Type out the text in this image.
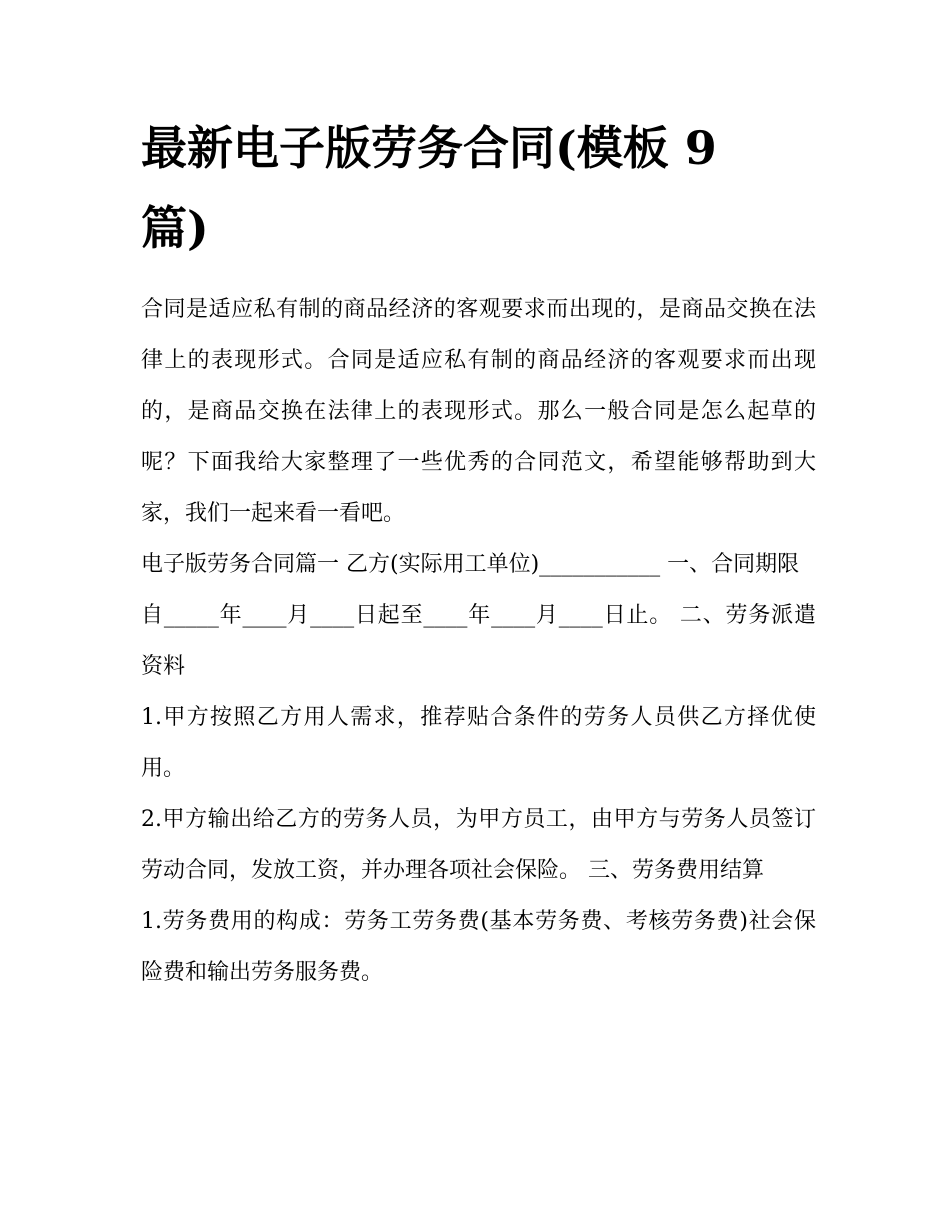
最新电子版劳务合同(模板 9 篇)

合同是适应私有制的商品经济的客观要求而出现的，是商品交换在法律上的表现形式。合同是适应私有制的商品经济的客观要求而出现的，是商品交换在法律上的表现形式。那么一般合同是怎么起草的呢？下面我给大家整理了一些优秀的合同范文，希望能够帮助到大家，我们一起来看一看吧。

电子版劳务合同篇一 乙方(实际用工单位)___________ 一、合同期限

自_____年____月____日起至____年____月____日止。 二、劳务派遣资料

1.甲方按照乙方用人需求，推荐贴合条件的劳务人员供乙方择优使用。

2.甲方输出给乙方的劳务人员，为甲方员工，由甲方与劳务人员签订劳动合同，发放工资，并办理各项社会保险。 三、劳务费用结算

1.劳务费用的构成：劳务工劳务费(基本劳务费、考核劳务费)社会保险费和输出劳务服务费。
